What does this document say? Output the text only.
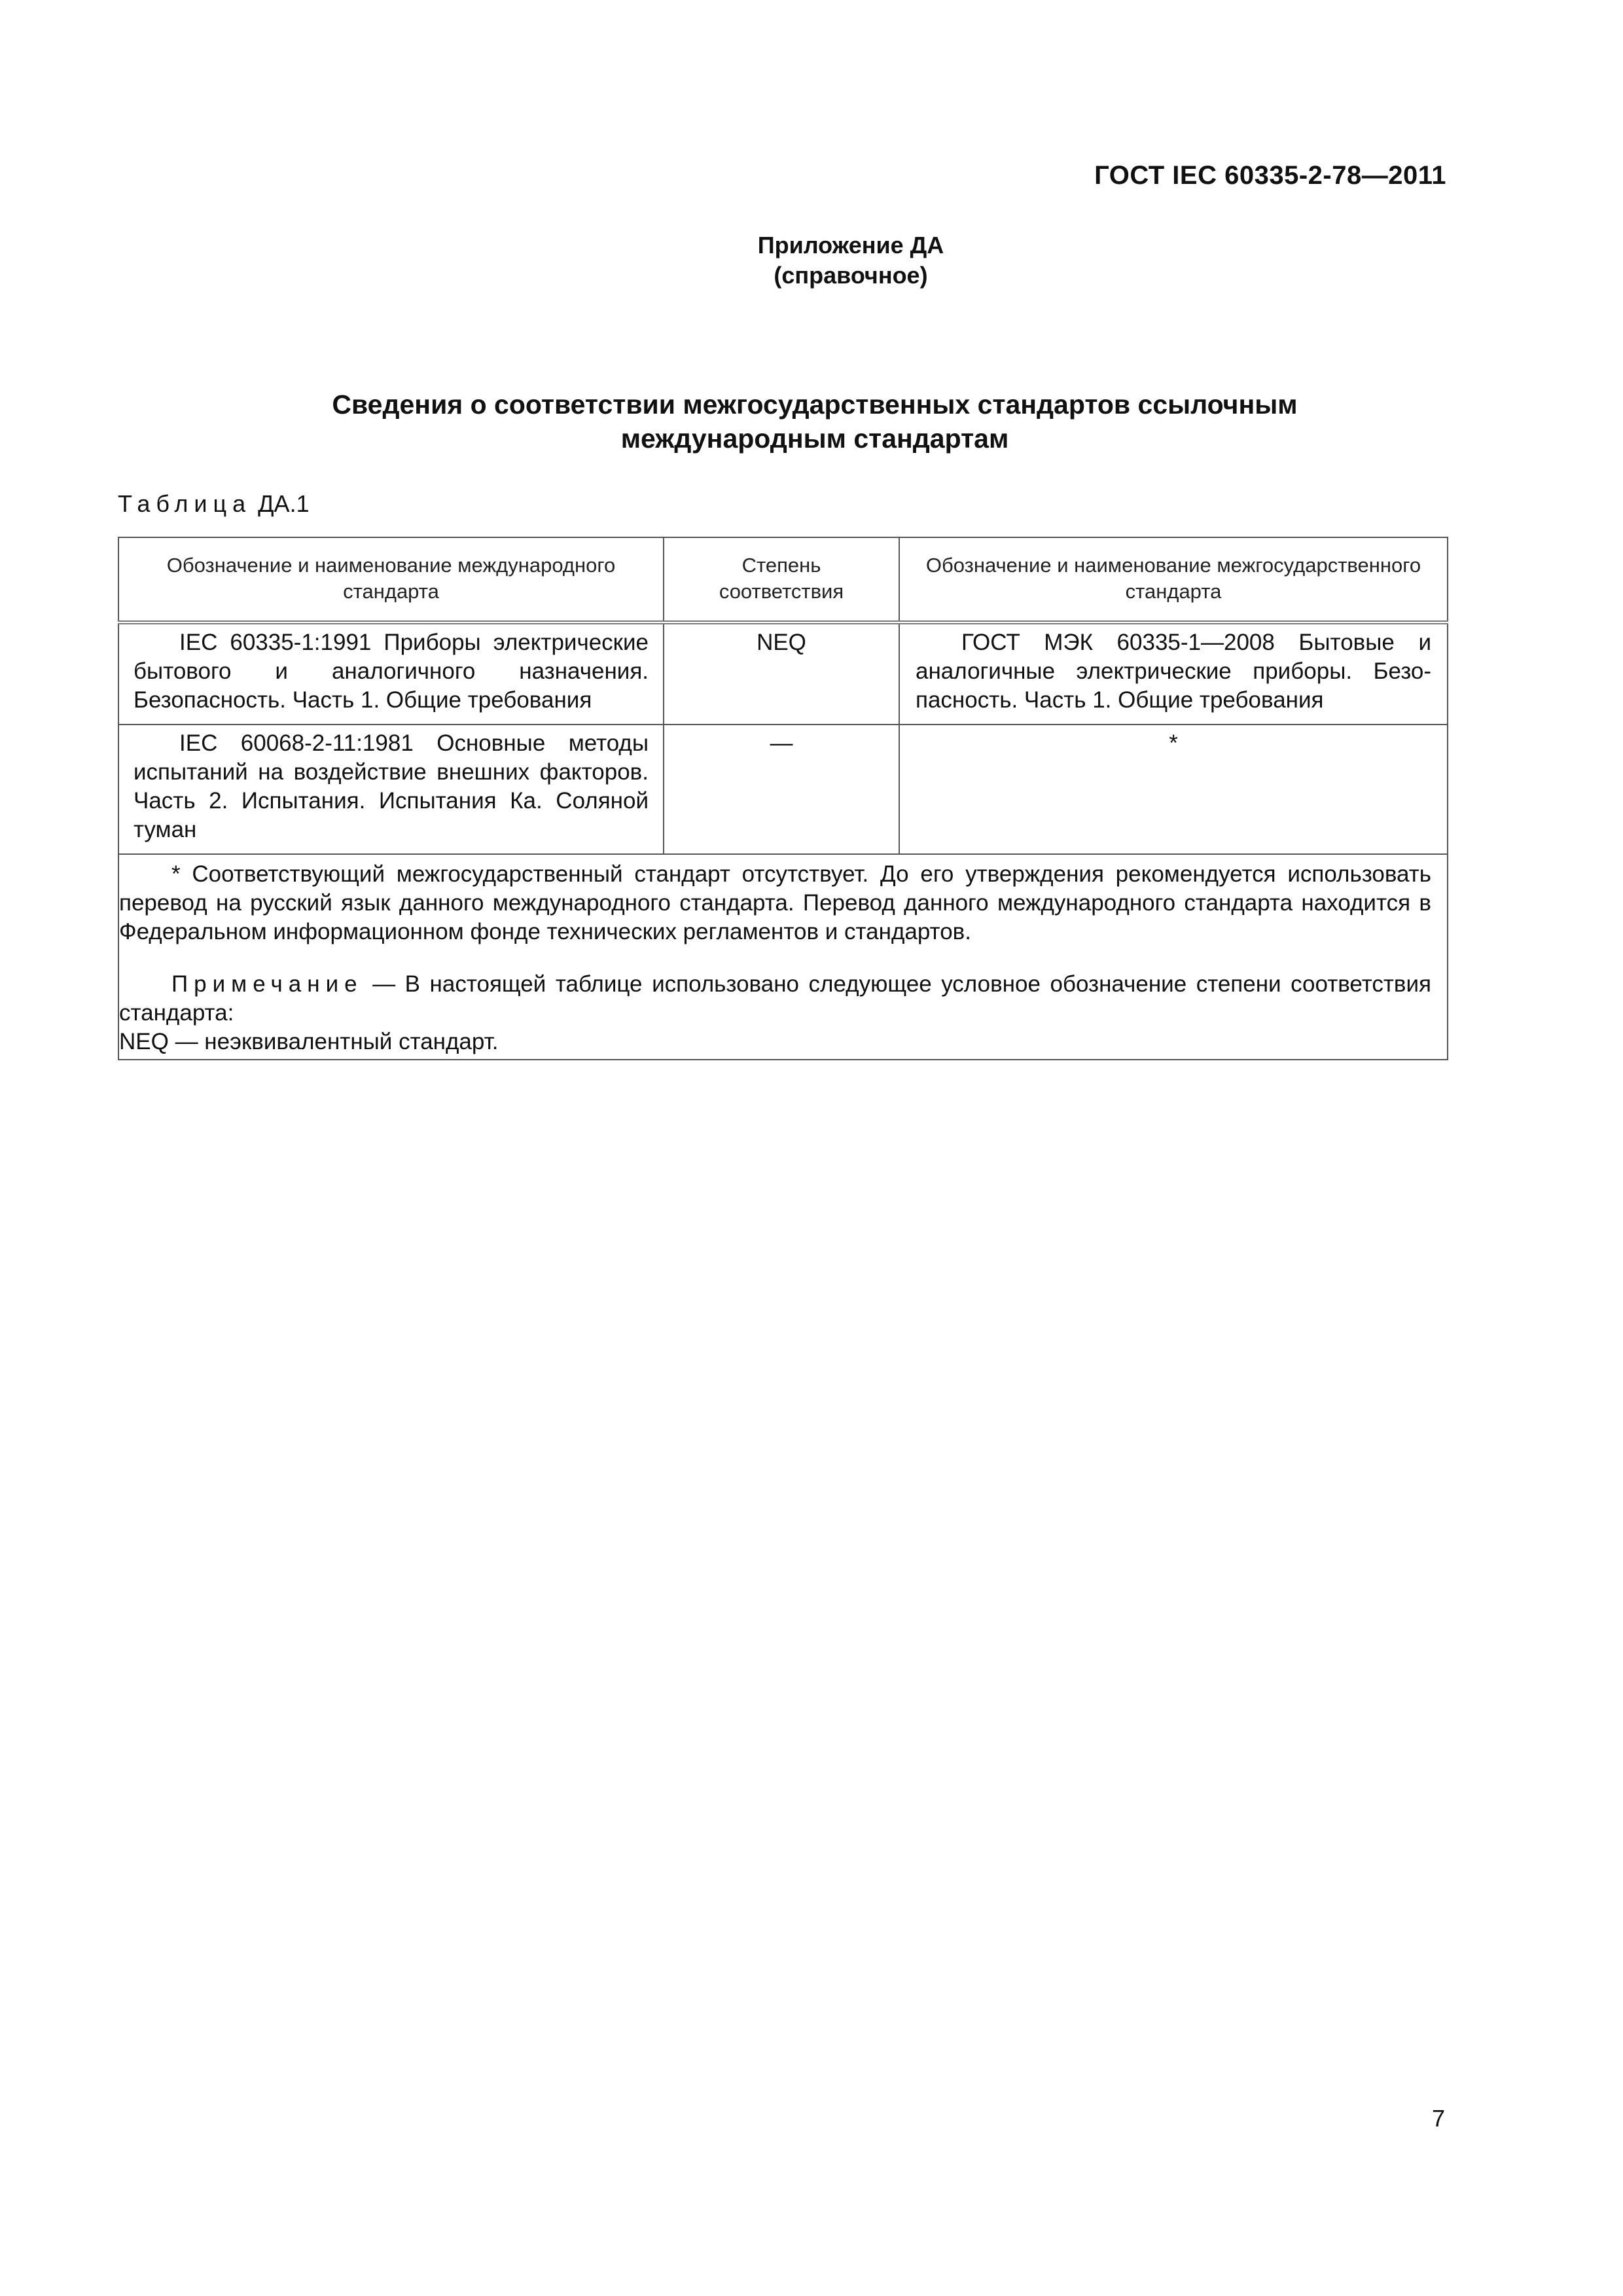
ГОСТ IEC 60335-2-78—2011
Приложение ДА
(справочное)
Сведения о соответствии межгосударственных стандартов ссылочным
международным стандартам
Таблица ДА.1
Обозначение и наименование международного стандарта	Степень соответствия	Обозначение и наименование межгосударственного стандарта

IEC 60335-1:1991 Приборы электрические бытового и аналогичного назначения. Безопасность. Часть 1. Общие требования	NEQ	ГОСТ МЭК 60335-1—2008 Бытовые и аналогичные электрические приборы. Безопасность. Часть 1. Общие требования

IEC 60068-2-11:1981 Основные методы испытаний на воздействие внешних факторов. Часть 2. Испытания. Испытания Ка. Соляной туман	—	*

* Соответствующий межгосударственный стандарт отсутствует. До его утверждения рекомендуется использовать перевод на русский язык данного международного стандарта. Перевод данного международного стандарта находится в Федеральном информационном фонде технических регламентов и стандартов.

Примечание — В настоящей таблице использовано следующее условное обозначение степени соответствия стандарта:

NEQ — неэквивалентный стандарт.		

7
